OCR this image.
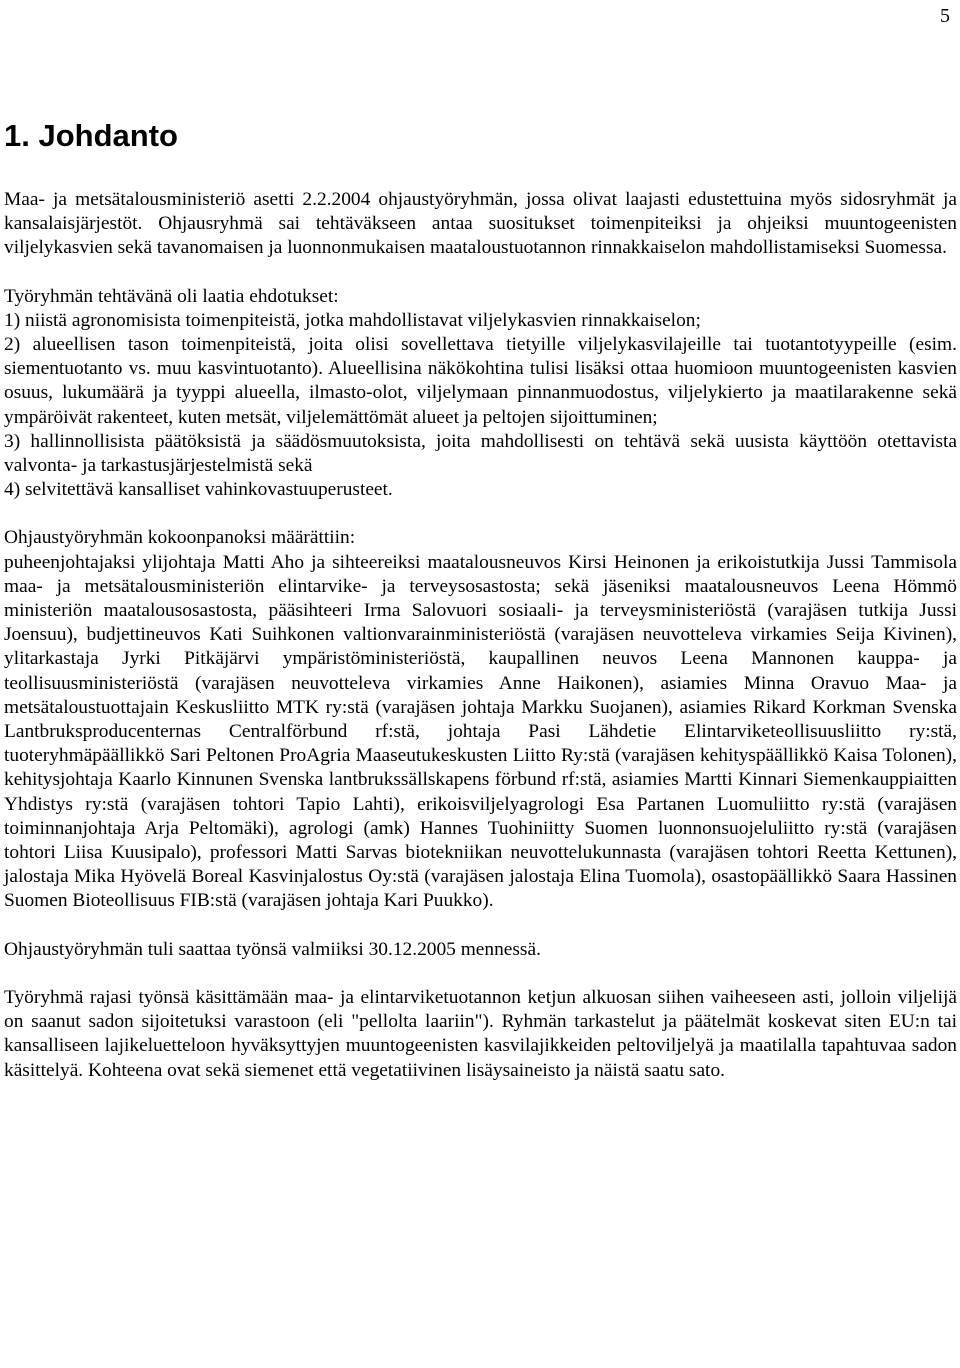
5
1. Johdanto

Maa- ja metsätalousministeriö asetti 2.2.2004 ohjaustyöryhmän, jossa olivat laajasti edustettuina myös sidosryhmät ja kansalaisjärjestöt. Ohjausryhmä sai tehtäväkseen antaa suositukset toimenpiteiksi ja ohjeiksi muuntogeenisten viljelykasvien sekä tavanomaisen ja luonnonmukaisen maataloustuotannon rinnakkaiselon mahdollistamiseksi Suomessa.

Työryhmän tehtävänä oli laatia ehdotukset:
1) niistä agronomisista toimenpiteistä, jotka mahdollistavat viljelykasvien rinnakkaiselon;
2) alueellisen tason toimenpiteistä, joita olisi sovellettava tietyille viljelykasvilajeille tai tuotantotyypeille (esim. siementuotanto vs. muu kasvintuotanto). Alueellisina näkökohtina tulisi lisäksi ottaa huomioon muuntogeenisten kasvien osuus, lukumäärä ja tyyppi alueella, ilmasto-olot, viljelymaan pinnanmuodostus, viljelykierto ja maatilarakenne sekä ympäröivät rakenteet, kuten metsät, viljelemättömät alueet ja peltojen sijoittuminen;
3) hallinnollisista päätöksistä ja säädösmuutoksista, joita mahdollisesti on tehtävä sekä uusista käyttöön otettavista valvonta- ja tarkastusjärjestelmistä sekä
4) selvitettävä kansalliset vahinkovastuuperusteet.
Ohjaustyöryhmän kokoonpanoksi määrättiin:
puheenjohtajaksi ylijohtaja Matti Aho ja sihteereiksi maatalousneuvos Kirsi Heinonen ja erikoistutkija Jussi Tammisola maa- ja metsätalousministeriön elintarvike- ja terveysosastosta; sekä jäseniksi maatalousneuvos Leena Hömmö ministeriön maatalousosastosta, pääsihteeri Irma Salovuori sosiaali- ja terveysministeriöstä (varajäsen tutkija Jussi Joensuu), budjettineuvos Kati Suihkonen valtionvarainministeriöstä (varajäsen neuvotteleva virkamies Seija Kivinen), ylitarkastaja Jyrki Pitkäjärvi ympäristöministeriöstä, kaupallinen neuvos Leena Mannonen kauppa- ja teollisuusministeriöstä (varajäsen neuvotteleva virkamies Anne Haikonen), asiamies Minna Oravuo Maa- ja metsätaloustuottajain Keskusliitto MTK ry:stä (varajäsen johtaja Markku Suojanen), asiamies Rikard Korkman Svenska Lantbruksproducenternas Centralförbund rf:stä, johtaja Pasi Lähdetie Elintarviketeollisuusliitto ry:stä, tuoteryhmäpäällikkö Sari Peltonen ProAgria Maaseutukeskusten Liitto Ry:stä (varajäsen kehityspäällikkö Kaisa Tolonen), kehitysjohtaja Kaarlo Kinnunen Svenska lantbrukssällskapens förbund rf:stä, asiamies Martti Kinnari Siemenkauppiaitten Yhdistys ry:stä (varajäsen tohtori Tapio Lahti), erikoisviljelyagrologi Esa Partanen Luomuliitto ry:stä (varajäsen toiminnanjohtaja Arja Peltomäki), agrologi (amk) Hannes Tuohiniitty Suomen luonnonsuojeluliitto ry:stä (varajäsen tohtori Liisa Kuusipalo), professori Matti Sarvas biotekniikan neuvottelukunnasta (varajäsen tohtori Reetta Kettunen), jalostaja Mika Hyövelä Boreal Kasvinjalostus Oy:stä (varajäsen jalostaja Elina Tuomola), osastopäällikkö Saara Hassinen Suomen Bioteollisuus FIB:stä (varajäsen johtaja Kari Puukko).

Ohjaustyöryhmän tuli saattaa työnsä valmiiksi 30.12.2005 mennessä.

Työryhmä rajasi työnsä käsittämään maa- ja elintarviketuotannon ketjun alkuosan siihen vaiheeseen asti, jolloin viljelijä on saanut sadon sijoitetuksi varastoon (eli "pellolta laariin"). Ryhmän tarkastelut ja päätelmät koskevat siten EU:n tai kansalliseen lajikeluetteloon hyväksyttyjen muuntogeenisten kasvilajikkeiden peltoviljelyä ja maatilalla tapahtuvaa sadon käsittelyä. Kohteena ovat sekä siemenet että vegetatiivinen lisäysaineisto ja näistä saatu sato.
